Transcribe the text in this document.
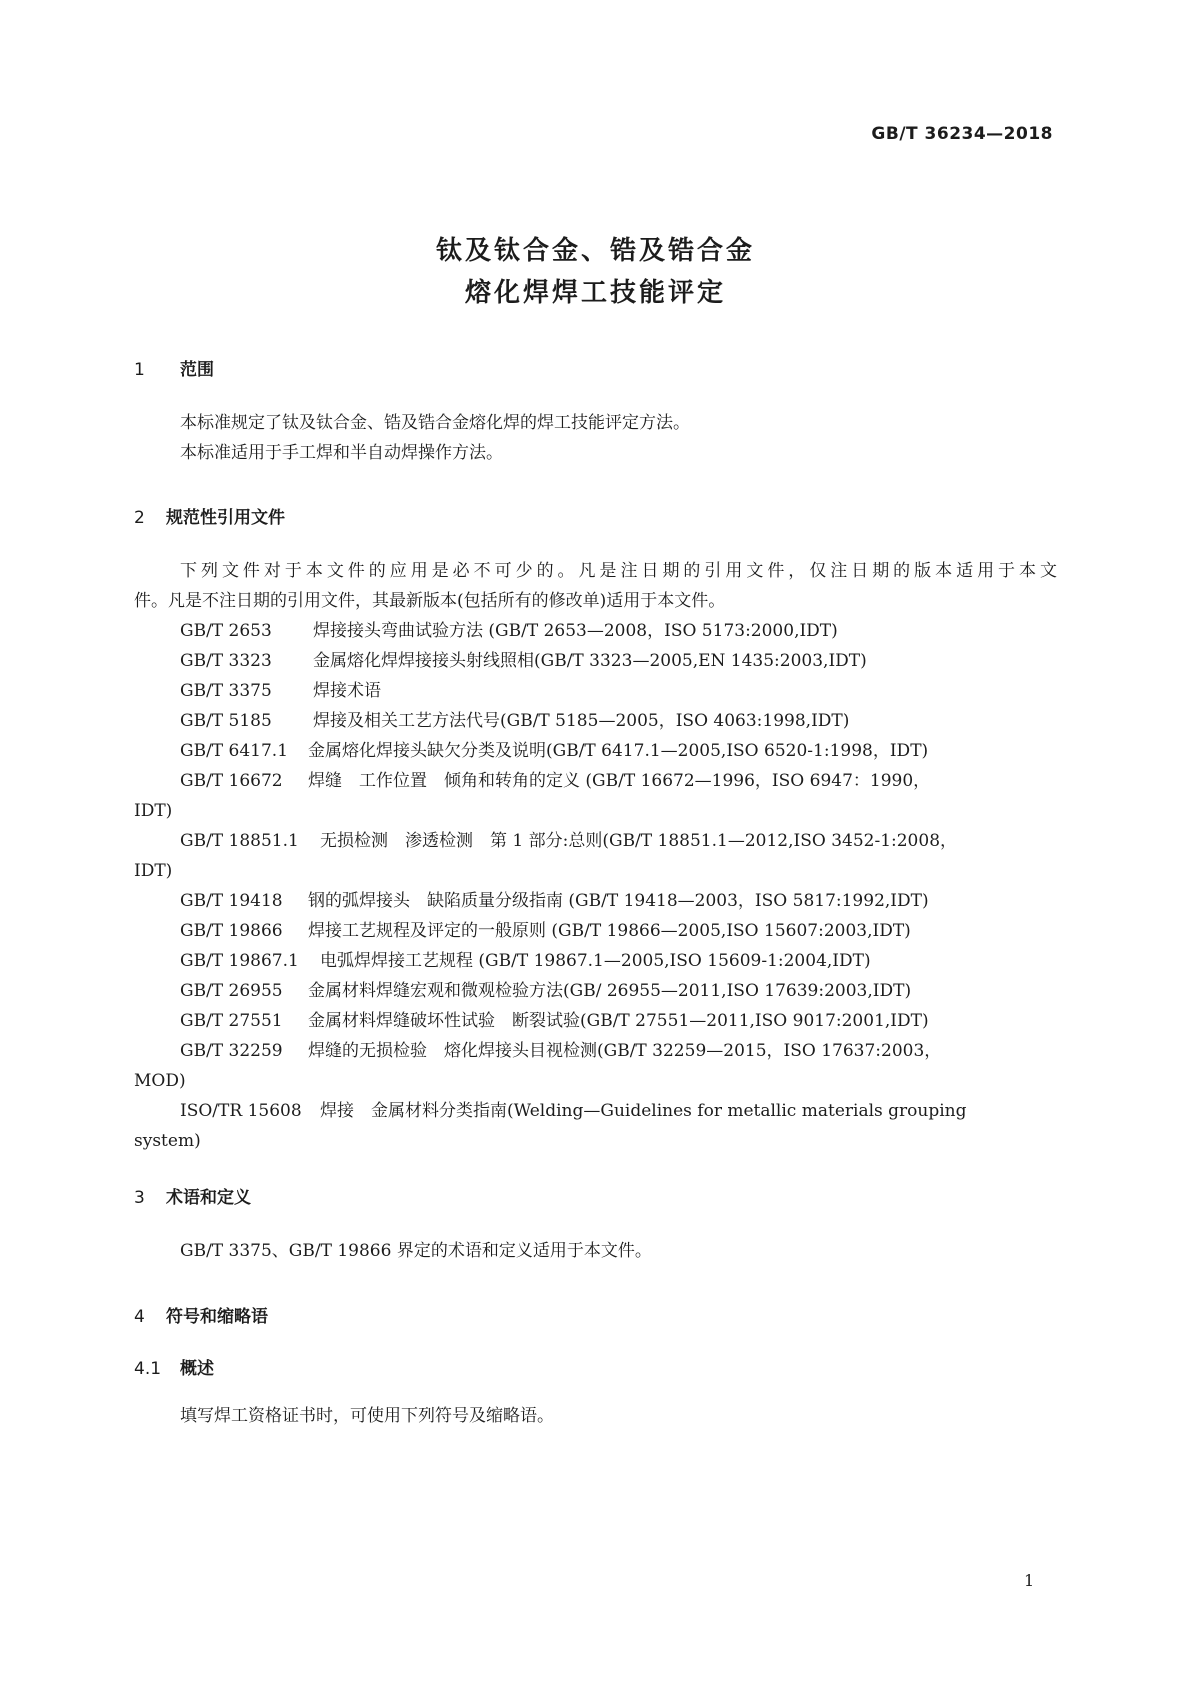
GB/T 36234—2018
钛及钛合金、锆及锆合金
熔化焊焊工技能评定
1 范围
本标准规定了钛及钛合金、锆及锆合金熔化焊的焊工技能评定方法。
本标准适用于手工焊和半自动焊操作方法。
2 规范性引用文件
下列文件对于本文件的应用是必不可少的。凡是注日期的引用文件，仅注日期的版本适用于本文
件。凡是不注日期的引用文件，其最新版本(包括所有的修改单)适用于本文件。
GB/T 2653 焊接接头弯曲试验方法 (GB/T 2653—2008，ISO 5173:2000,IDT)
GB/T 3323 金属熔化焊焊接接头射线照相(GB/T 3323—2005,EN 1435:2003,IDT)
GB/T 3375 焊接术语
GB/T 5185 焊接及相关工艺方法代号(GB/T 5185—2005，ISO 4063:1998,IDT)
GB/T 6417.1 金属熔化焊接头缺欠分类及说明(GB/T 6417.1—2005,ISO 6520-1:1998，IDT)
GB/T 16672 焊缝　工作位置　倾角和转角的定义 (GB/T 16672—1996，ISO 6947：1990，
IDT)
GB/T 18851.1 无损检测　渗透检测　第 1 部分:总则(GB/T 18851.1—2012,ISO 3452-1:2008，
IDT)
GB/T 19418 钢的弧焊接头　缺陷质量分级指南 (GB/T 19418—2003，ISO 5817:1992,IDT)
GB/T 19866 焊接工艺规程及评定的一般原则 (GB/T 19866—2005,ISO 15607:2003,IDT)
GB/T 19867.1 电弧焊焊接工艺规程 (GB/T 19867.1—2005,ISO 15609-1:2004,IDT)
GB/T 26955 金属材料焊缝宏观和微观检验方法(GB/ 26955—2011,ISO 17639:2003,IDT)
GB/T 27551 金属材料焊缝破坏性试验　断裂试验(GB/T 27551—2011,ISO 9017:2001,IDT)
GB/T 32259 焊缝的无损检验　熔化焊接头目视检测(GB/T 32259—2015，ISO 17637:2003，
MOD)
ISO/TR 15608 焊接　金属材料分类指南(Welding—Guidelines for metallic materials grouping
system)
3 术语和定义
GB/T 3375、GB/T 19866 界定的术语和定义适用于本文件。
4 符号和缩略语
4.1 概述
填写焊工资格证书时，可使用下列符号及缩略语。
1
